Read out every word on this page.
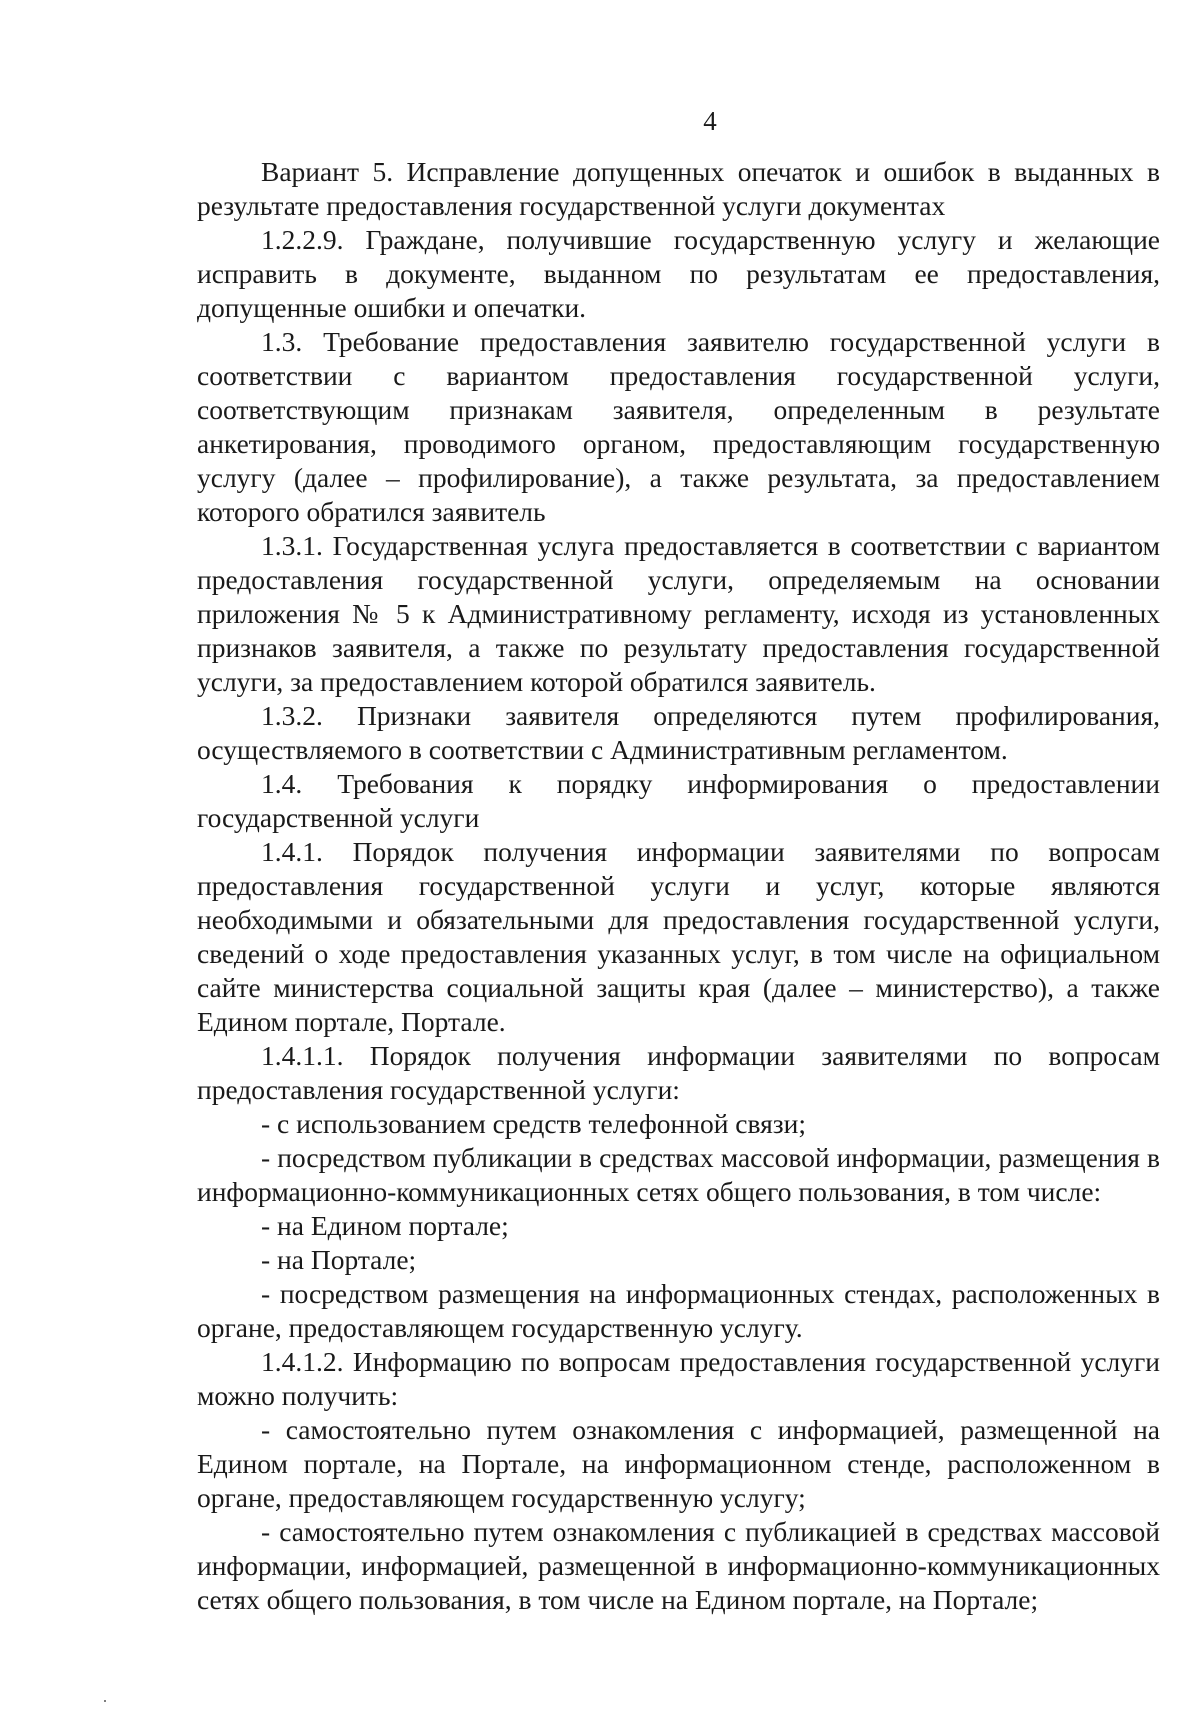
4

Вариант 5. Исправление допущенных опечаток и ошибок в выданных в результате предоставления государственной услуги документах

1.2.2.9. Граждане, получившие государственную услугу и желающие исправить в документе, выданном по результатам ее предоставления, допущенные ошибки и опечатки.

1.3. Требование предоставления заявителю государственной услуги в соответствии с вариантом предоставления государственной услуги, соответствующим признакам заявителя, определенным в результате анкетирования, проводимого органом, предоставляющим государственную услугу (далее – профилирование), а также результата, за предоставлением которого обратился заявитель

1.3.1. Государственная услуга предоставляется в соответствии с вариантом предоставления государственной услуги, определяемым на основании приложения № 5 к Административному регламенту, исходя из установленных признаков заявителя, а также по результату предоставления государственной услуги, за предоставлением которой обратился заявитель.

1.3.2. Признаки заявителя определяются путем профилирования, осуществляемого в соответствии с Административным регламентом.

1.4. Требования к порядку информирования о предоставлении государственной услуги

1.4.1. Порядок получения информации заявителями по вопросам предоставления государственной услуги и услуг, которые являются необходимыми и обязательными для предоставления государственной услуги, сведений о ходе предоставления указанных услуг, в том числе на официальном сайте министерства социальной защиты края (далее – министерство), а также Едином портале, Портале.

1.4.1.1. Порядок получения информации заявителями по вопросам предоставления государственной услуги:

- с использованием средств телефонной связи;

- посредством публикации в средствах массовой информации, размещения в информационно-коммуникационных сетях общего пользования, в том числе:

- на Едином портале;

- на Портале;

- посредством размещения на информационных стендах, расположенных в органе, предоставляющем государственную услугу.

1.4.1.2. Информацию по вопросам предоставления государственной услуги можно получить:

- самостоятельно путем ознакомления с информацией, размещенной на Едином портале, на Портале, на информационном стенде, расположенном в органе, предоставляющем государственную услугу;

- самостоятельно путем ознакомления с публикацией в средствах массовой информации, информацией, размещенной в информационно-коммуникационных сетях общего пользования, в том числе на Едином портале, на Портале;
